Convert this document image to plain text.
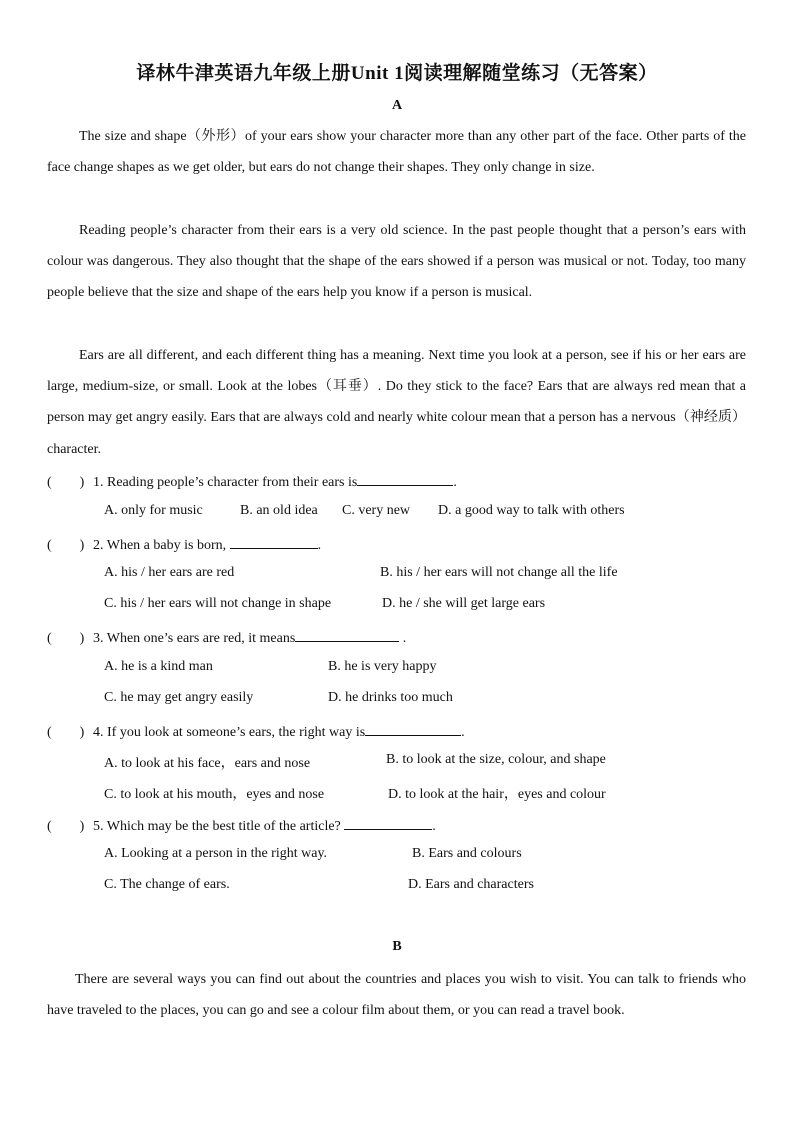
译林牛津英语九年级上册Unit 1阅读理解随堂练习（无答案）
A

The size and shape（外形）of your ears show your character more than any other part of the face. Other parts of the face change shapes as we get older, but ears do not change their shapes. They only change in size.

Reading people’s character from their ears is a very old science. In the past people thought that a person’s ears with colour was dangerous. They also thought that the shape of the ears showed if a person was musical or not. Today, too many people believe that the size and shape of the ears help you know if a person is musical.

Ears are all different, and each different thing has a meaning. Next time you look at a person, see if his or her ears are large, medium-size, or small. Look at the lobes（耳垂）. Do they stick to the face? Ears that are always red mean that a person may get angry easily. Ears that are always cold and nearly white colour mean that a person has a nervous（神经质）character.

(　　) 1. Reading people’s character from their ears is	.
A. only for music	B. an old idea C. very new D. a good way to talk with others
(　　) 2. When a baby is born,	.
A. his / her ears are red	B. his / her ears will not change all the life
C. his / her ears will not change in shape	D. he / she will get large ears
(　　) 3. When one’s ears are red, it means	.
A. he is a kind man	B. he is very happy
C. he may get angry easily	D. he drinks too much
(　　) 4. If you look at someone’s ears, the right way is	.
A. to look at his face，ears and nose	B. to look at the size, colour, and shape
C. to look at his mouth，eyes and nose	D. to look at the hair，eyes and colour
(　　) 5. Which may be the best title of the article?	.
A. Looking at a person in the right way.	B. Ears and colours
C. The change of ears.	D. Ears and characters
B

There are several ways you can find out about the countries and places you wish to visit. You can talk to friends who have traveled to the places, you can go and see a colour film about them, or you can read a travel book.
